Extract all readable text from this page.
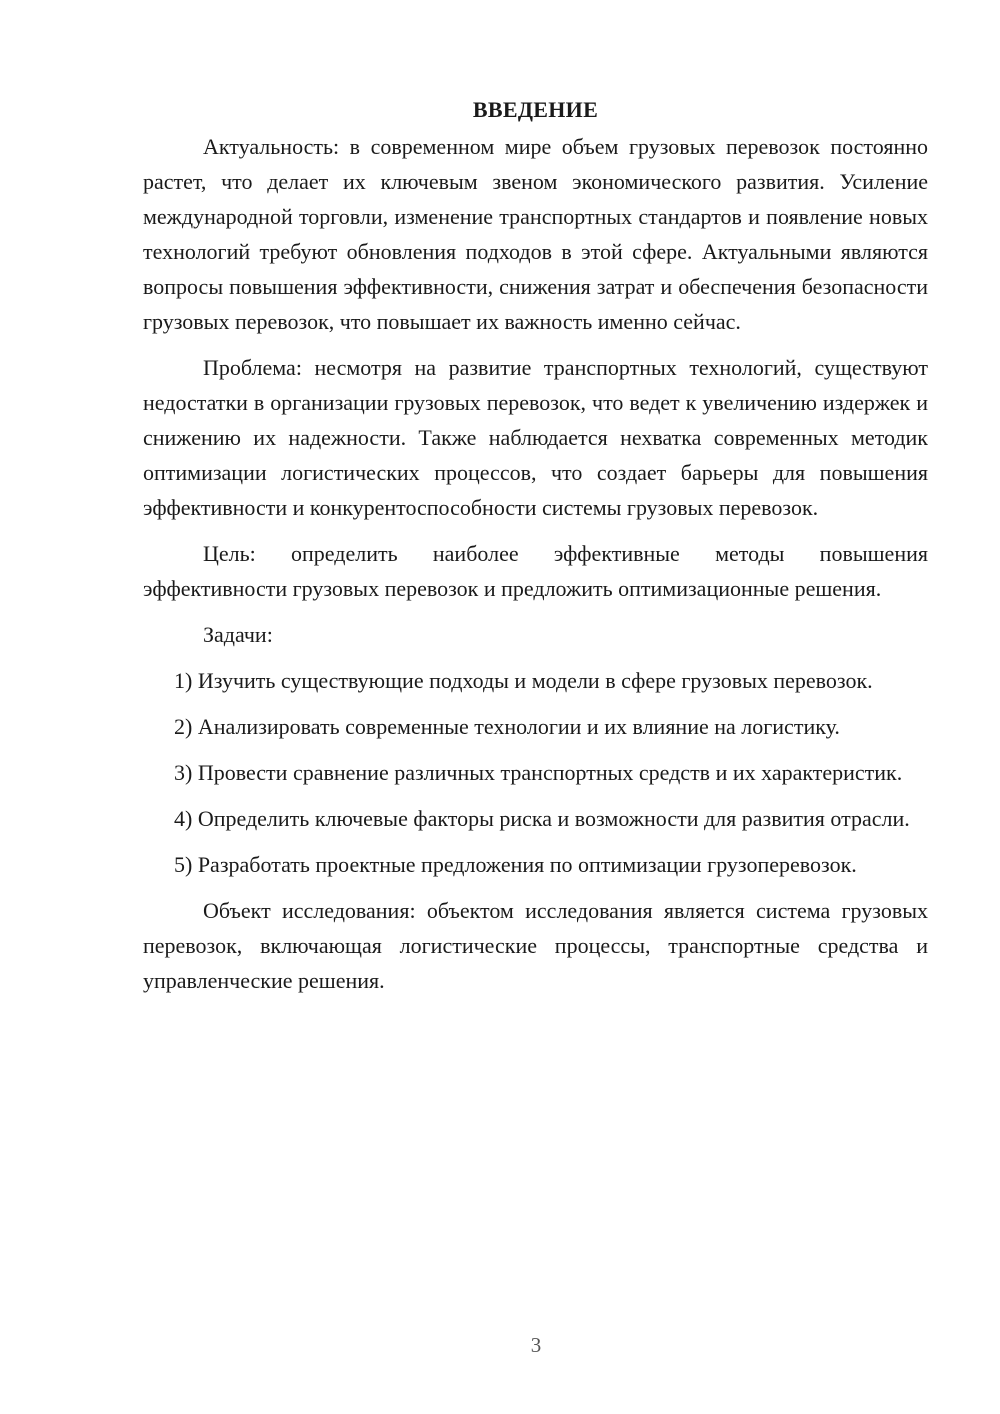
ВВЕДЕНИЕ

Актуальность: в современном мире объем грузовых перевозок постоянно растет, что делает их ключевым звеном экономического развития. Усиление международной торговли, изменение транспортных стандартов и появление новых технологий требуют обновления подходов в этой сфере. Актуальными являются вопросы повышения эффективности, снижения затрат и обеспечения безопасности грузовых перевозок, что повышает их важность именно сейчас.

Проблема: несмотря на развитие транспортных технологий, существуют недостатки в организации грузовых перевозок, что ведет к увеличению издержек и снижению их надежности. Также наблюдается нехватка современных методик оптимизации логистических процессов, что создает барьеры для повышения эффективности и конкурентоспособности системы грузовых перевозок.

Цель: определить наиболее эффективные методы повышения эффективности грузовых перевозок и предложить оптимизационные решения.

Задачи:

1) Изучить существующие подходы и модели в сфере грузовых перевозок.

2) Анализировать современные технологии и их влияние на логистику.

3) Провести сравнение различных транспортных средств и их характеристик.

4) Определить ключевые факторы риска и возможности для развития отрасли.

5) Разработать проектные предложения по оптимизации грузоперевозок.

Объект исследования: объектом исследования является система грузовых перевозок, включающая логистические процессы, транспортные средства и управленческие решения.

3
